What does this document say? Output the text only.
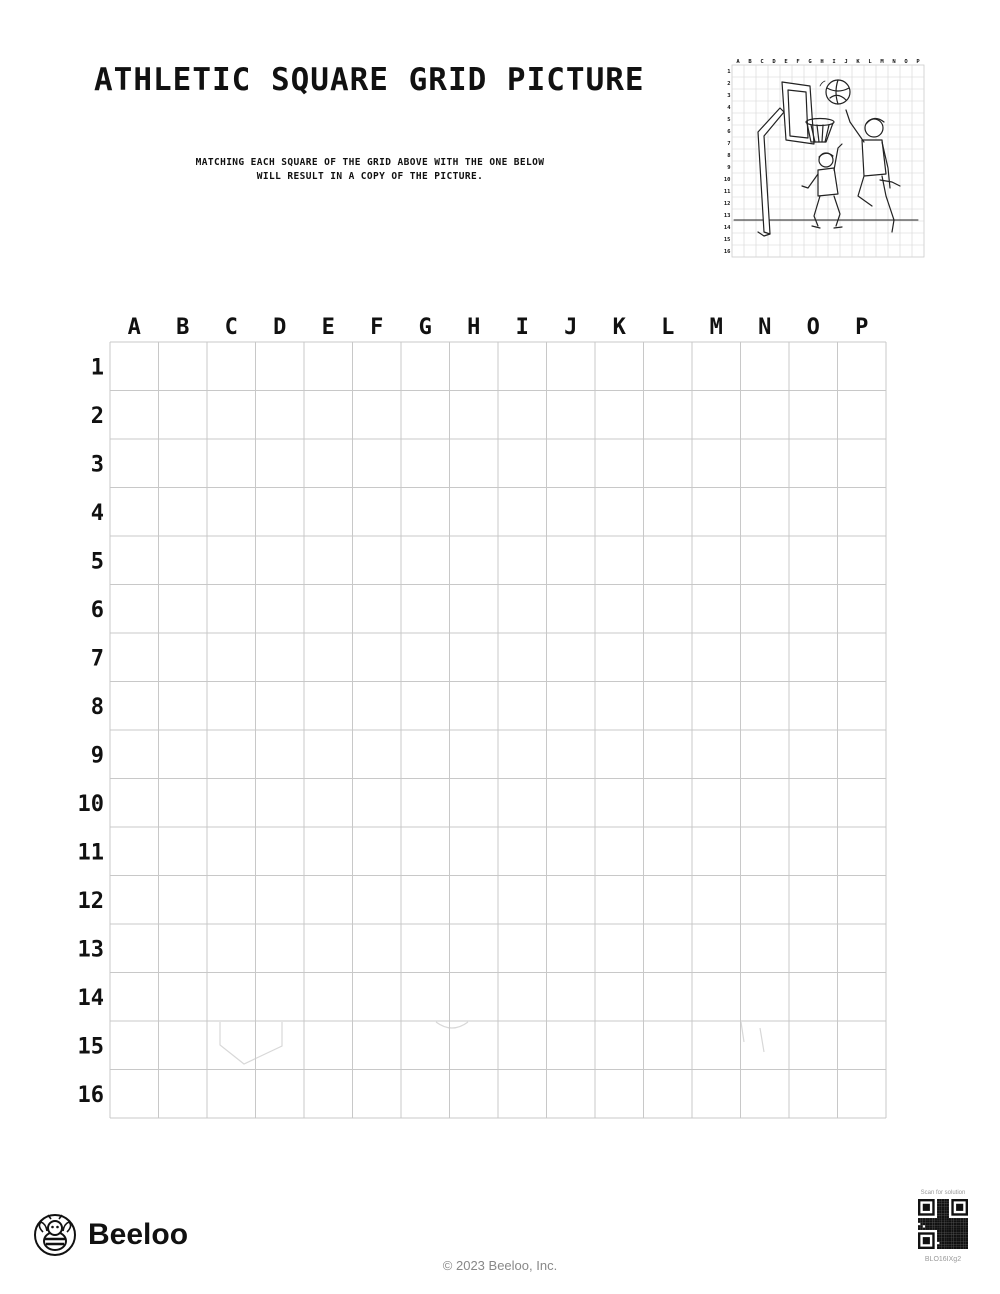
ATHLETIC SQUARE GRID PICTURE
MATCHING EACH SQUARE OF THE GRID ABOVE WITH THE ONE BELOW
WILL RESULT IN A COPY OF THE PICTURE.
A B C D E F G H I J K L M N O P
1
2
3
4
5
6
7
8
9
10
11
12
13
14
15
16
A B C D E F G H I J K L M N O P
1
2
3
4
5
6
7
8
9
10
11
12
13
14
15
16
Beeloo
© 2023 Beeloo, Inc.
Scan for solution
BLO16IXg2
